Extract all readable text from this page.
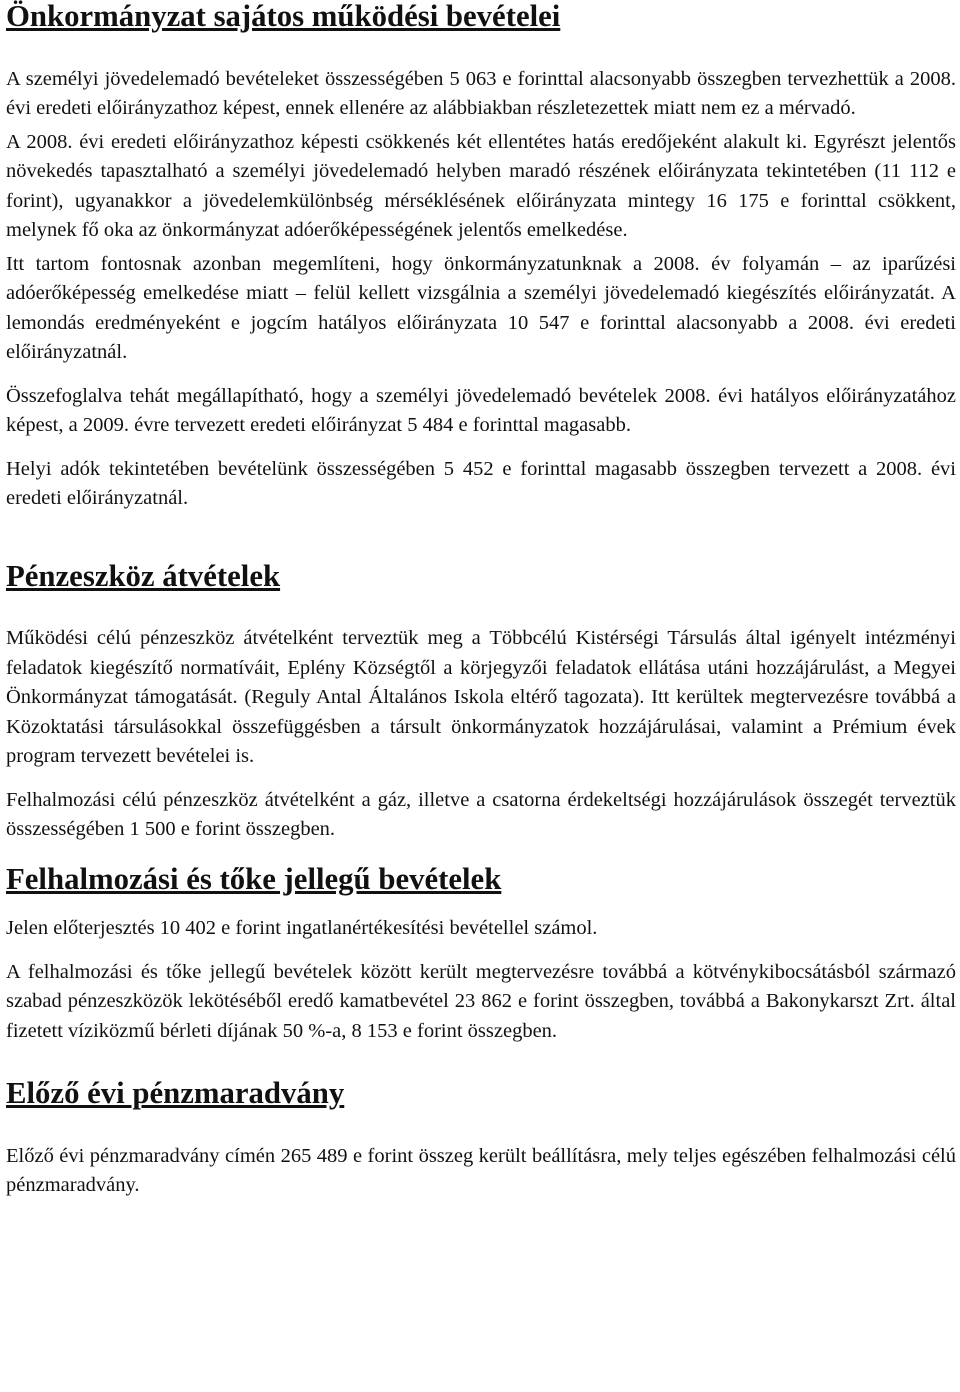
Önkormányzat sajátos működési bevételei

A személyi jövedelemadó bevételeket összességében 5 063 e forinttal alacsonyabb összegben tervezhettük a 2008. évi eredeti előirányzathoz képest, ennek ellenére az alábbiakban részletezettek miatt nem ez a mérvadó.

A 2008. évi eredeti előirányzathoz képesti csökkenés két ellentétes hatás eredőjeként alakult ki. Egyrészt jelentős növekedés tapasztalható a személyi jövedelemadó helyben maradó részének előirányzata tekintetében (11 112 e forint), ugyanakkor a jövedelemkülönbség mérséklésének előirányzata mintegy 16 175 e forinttal csökkent, melynek fő oka az önkormányzat adóerőképességének jelentős emelkedése.

Itt tartom fontosnak azonban megemlíteni, hogy önkormányzatunknak a 2008. év folyamán – az iparűzési adóerőképesség emelkedése miatt – felül kellett vizsgálnia a személyi jövedelemadó kiegészítés előirányzatát. A lemondás eredményeként e jogcím hatályos előirányzata 10 547 e forinttal alacsonyabb a 2008. évi eredeti előirányzatnál.

Összefoglalva tehát megállapítható, hogy a személyi jövedelemadó bevételek 2008. évi hatályos előirányzatához képest, a 2009. évre tervezett eredeti előirányzat 5 484 e forinttal magasabb.

Helyi adók tekintetében bevételünk összességében 5 452 e forinttal magasabb összegben tervezett a 2008. évi eredeti előirányzatnál.

Pénzeszköz átvételek

Működési célú pénzeszköz átvételként terveztük meg a Többcélú Kistérségi Társulás által igényelt intézményi feladatok kiegészítő normatíváit, Eplény Községtől a körjegyzői feladatok ellátása utáni hozzájárulást, a Megyei Önkormányzat támogatását. (Reguly Antal Általános Iskola eltérő tagozata). Itt kerültek megtervezésre továbbá a Közoktatási társulásokkal összefüggésben a társult önkormányzatok hozzájárulásai, valamint a Prémium évek program tervezett bevételei is.

Felhalmozási célú pénzeszköz átvételként a gáz, illetve a csatorna érdekeltségi hozzájárulások összegét terveztük összességében 1 500 e forint összegben.

Felhalmozási és tőke jellegű bevételek

Jelen előterjesztés 10 402 e forint ingatlanértékesítési bevétellel számol.

A felhalmozási és tőke jellegű bevételek között került megtervezésre továbbá a kötvénykibocsátásból származó szabad pénzeszközök lekötéséből eredő kamatbevétel 23 862 e forint összegben, továbbá a Bakonykarszt Zrt. által fizetett víziközmű bérleti díjának 50 %-a, 8 153 e forint összegben.

Előző évi pénzmaradvány

Előző évi pénzmaradvány címén 265 489 e forint összeg került beállításra, mely teljes egészében felhalmozási célú pénzmaradvány.
